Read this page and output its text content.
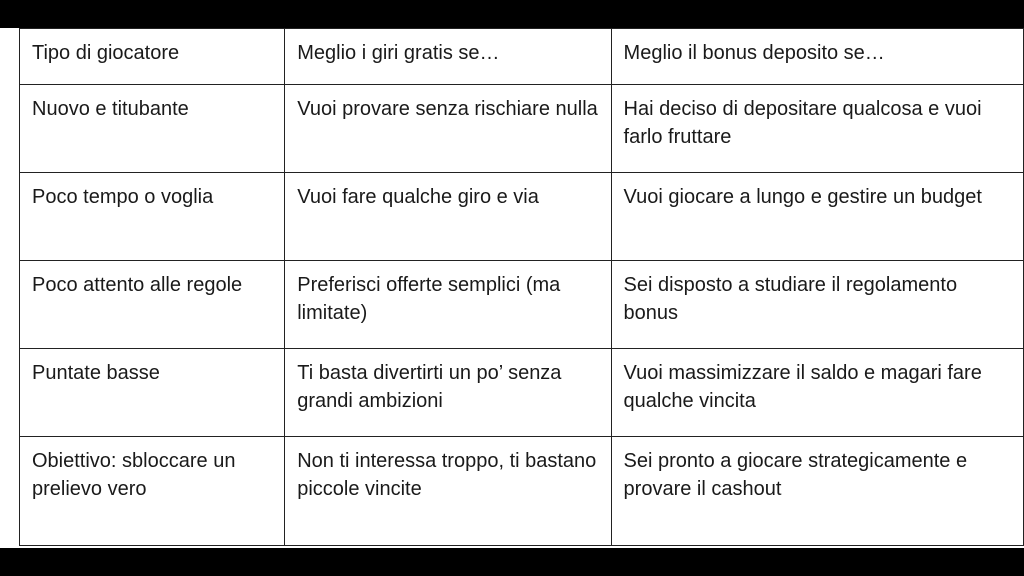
Tipo di giocatore	Meglio i giri gratis se…	Meglio il bonus deposito se…
Nuovo e titubante	Vuoi provare senza rischiare nulla	Hai deciso di depositare qualcosa e vuoi farlo fruttare
Poco tempo o voglia	Vuoi fare qualche giro e via	Vuoi giocare a lungo e gestire un budget
Poco attento alle regole	Preferisci offerte semplici (ma limitate)	Sei disposto a studiare il regolamento bonus
Puntate basse	Ti basta divertirti un po’ senza grandi ambizioni	Vuoi massimizzare il saldo e magari fare qualche vincita
Obiettivo: sbloccare un prelievo vero	Non ti interessa troppo, ti bastano piccole vincite	Sei pronto a giocare strategicamente e provare il cashout
